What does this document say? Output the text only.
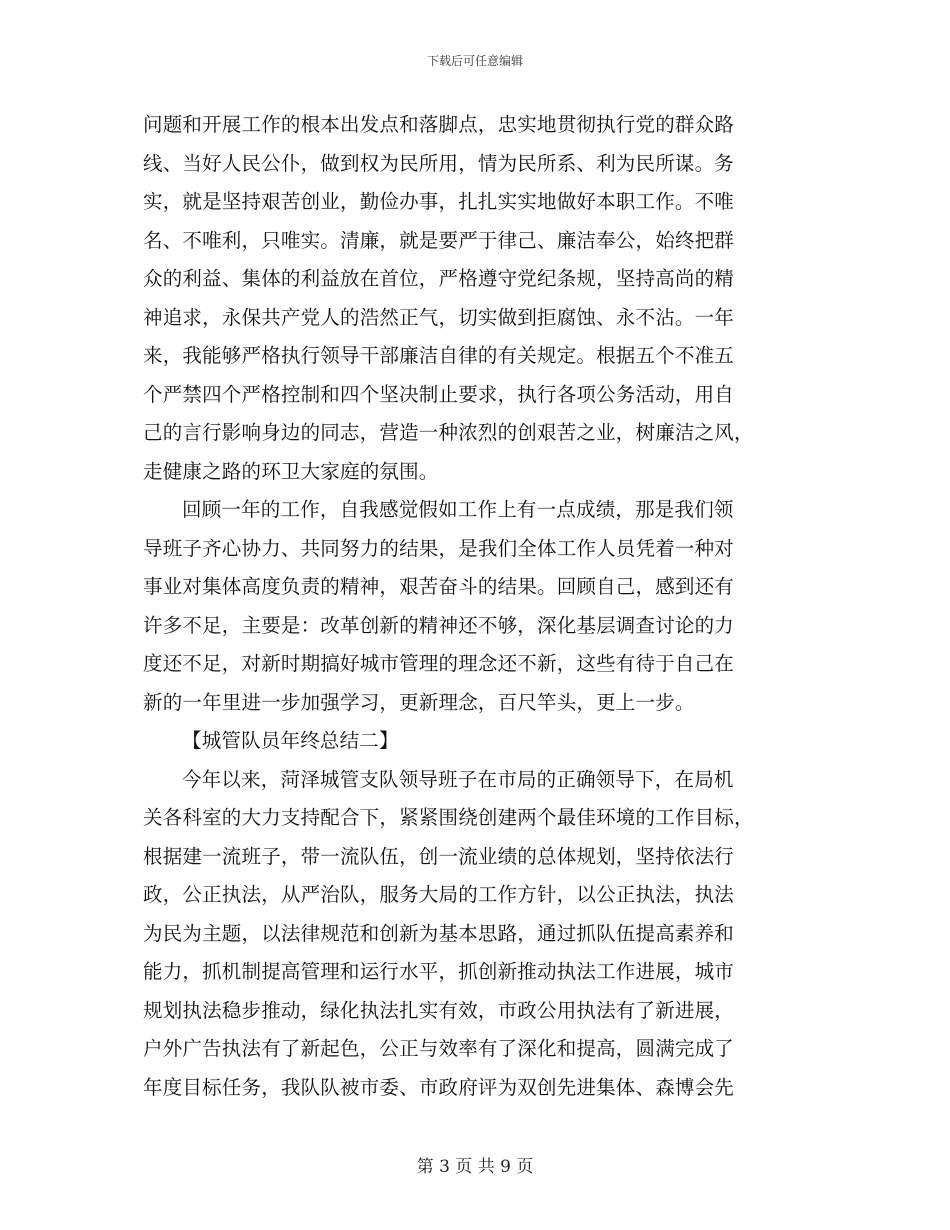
下载后可任意编辑
问题和开展工作的根本出发点和落脚点，忠实地贯彻执行党的群众路
线、当好人民公仆，做到权为民所用，情为民所系、利为民所谋。务
实，就是坚持艰苦创业，勤俭办事，扎扎实实地做好本职工作。不唯
名、不唯利，只唯实。清廉，就是要严于律己、廉洁奉公，始终把群
众的利益、集体的利益放在首位，严格遵守党纪条规，坚持高尚的精
神追求，永保共产党人的浩然正气，切实做到拒腐蚀、永不沾。一年
来，我能够严格执行领导干部廉洁自律的有关规定。根据五个不准五
个严禁四个严格控制和四个坚决制止要求，执行各项公务活动，用自
己的言行影响身边的同志，营造一种浓烈的创艰苦之业，树廉洁之风，
走健康之路的环卫大家庭的氛围。
回顾一年的工作，自我感觉假如工作上有一点成绩，那是我们领
导班子齐心协力、共同努力的结果，是我们全体工作人员凭着一种对
事业对集体高度负责的精神，艰苦奋斗的结果。回顾自己，感到还有
许多不足，主要是：改革创新的精神还不够，深化基层调查讨论的力
度还不足，对新时期搞好城市管理的理念还不新，这些有待于自己在
新的一年里进一步加强学习，更新理念，百尺竿头，更上一步。
【城管队员年终总结二】
今年以来，菏泽城管支队领导班子在市局的正确领导下，在局机
关各科室的大力支持配合下，紧紧围绕创建两个最佳环境的工作目标，
根据建一流班子，带一流队伍，创一流业绩的总体规划，坚持依法行
政，公正执法，从严治队，服务大局的工作方针，以公正执法，执法
为民为主题，以法律规范和创新为基本思路，通过抓队伍提高素养和
能力，抓机制提高管理和运行水平，抓创新推动执法工作进展，城市
规划执法稳步推动，绿化执法扎实有效，市政公用执法有了新进展，
户外广告执法有了新起色，公正与效率有了深化和提高，圆满完成了
年度目标任务，我队队被市委、市政府评为双创先进集体、森博会先
第 3 页 共 9 页
